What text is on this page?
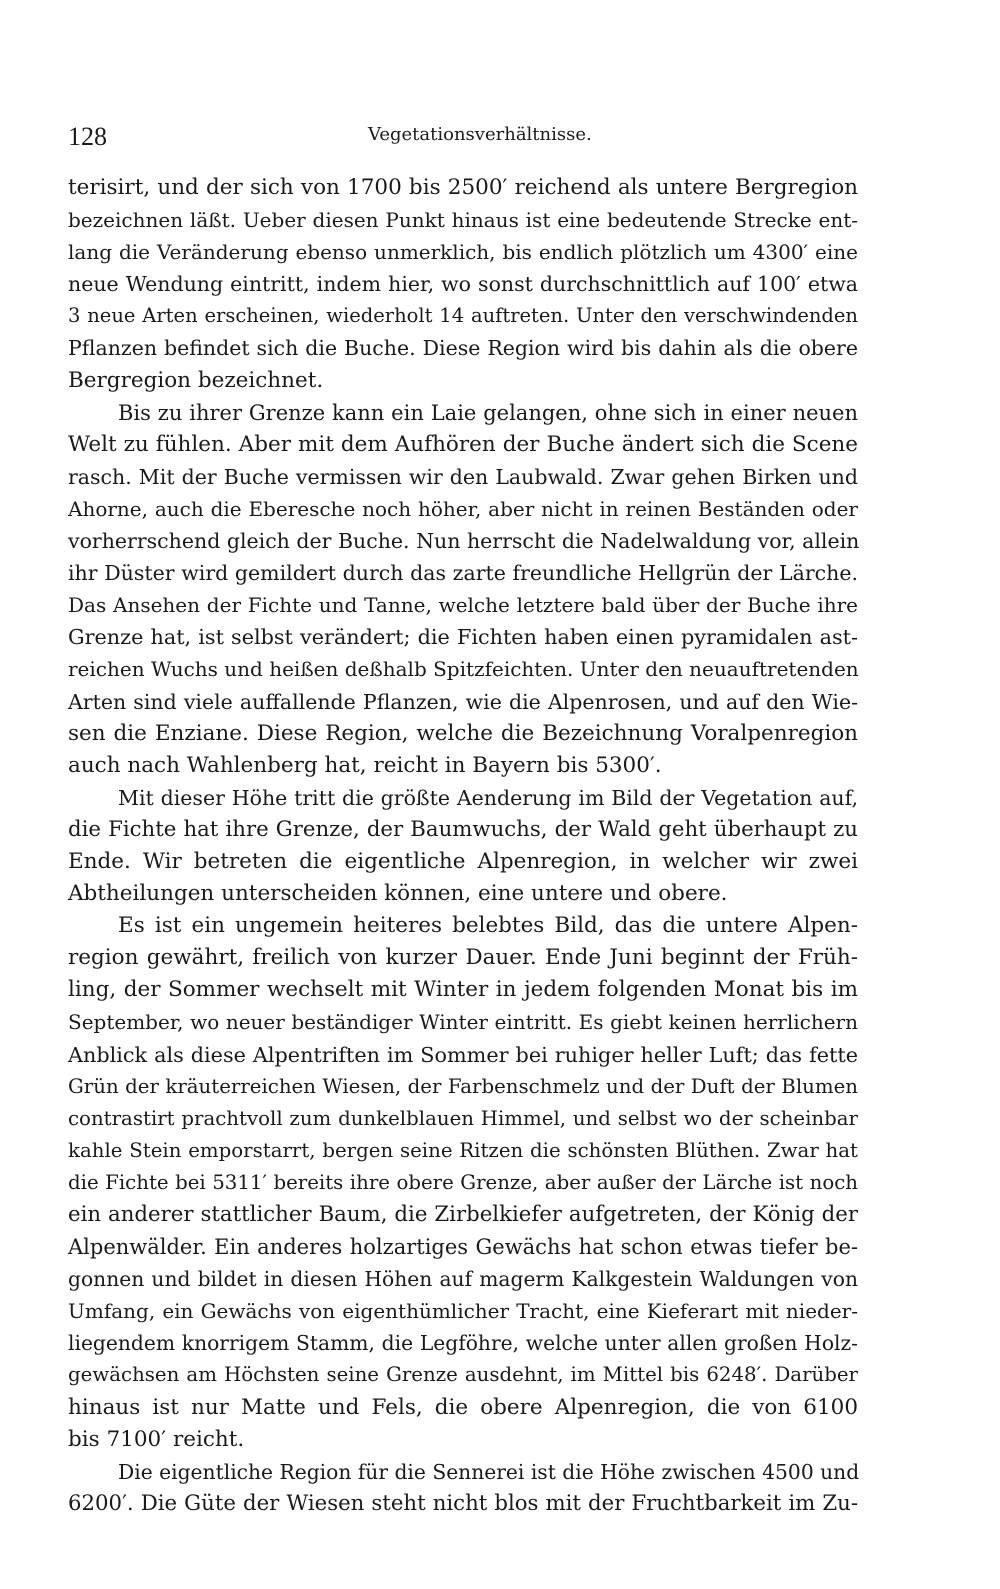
128	Vegetationsverhältnisse.
terisirt, und der sich von 1700 bis 2500′ reichend als untere Bergregion
bezeichnen läßt. Ueber diesen Punkt hinaus ist eine bedeutende Strecke ent-
lang die Veränderung ebenso unmerklich, bis endlich plötzlich um 4300′ eine
neue Wendung eintritt, indem hier, wo sonst durchschnittlich auf 100′ etwa
3 neue Arten erscheinen, wiederholt 14 auftreten. Unter den verschwindenden
Pflanzen befindet sich die Buche. Diese Region wird bis dahin als die obere
Bergregion bezeichnet.
Bis zu ihrer Grenze kann ein Laie gelangen, ohne sich in einer neuen
Welt zu fühlen. Aber mit dem Aufhören der Buche ändert sich die Scene
rasch. Mit der Buche vermissen wir den Laubwald. Zwar gehen Birken und
Ahorne, auch die Eberesche noch höher, aber nicht in reinen Beständen oder
vorherrschend gleich der Buche. Nun herrscht die Nadelwaldung vor, allein
ihr Düster wird gemildert durch das zarte freundliche Hellgrün der Lärche.
Das Ansehen der Fichte und Tanne, welche letztere bald über der Buche ihre
Grenze hat, ist selbst verändert; die Fichten haben einen pyramidalen ast-
reichen Wuchs und heißen deßhalb Spitzfeichten. Unter den neuauftretenden
Arten sind viele auffallende Pflanzen, wie die Alpenrosen, und auf den Wie-
sen die Enziane. Diese Region, welche die Bezeichnung Voralpenregion
auch nach Wahlenberg hat, reicht in Bayern bis 5300′.
Mit dieser Höhe tritt die größte Aenderung im Bild der Vegetation auf,
die Fichte hat ihre Grenze, der Baumwuchs, der Wald geht überhaupt zu
Ende. Wir betreten die eigentliche Alpenregion, in welcher wir zwei
Abtheilungen unterscheiden können, eine untere und obere.
Es ist ein ungemein heiteres belebtes Bild, das die untere Alpen-
region gewährt, freilich von kurzer Dauer. Ende Juni beginnt der Früh-
ling, der Sommer wechselt mit Winter in jedem folgenden Monat bis im
September, wo neuer beständiger Winter eintritt. Es giebt keinen herrlichern
Anblick als diese Alpentriften im Sommer bei ruhiger heller Luft; das fette
Grün der kräuterreichen Wiesen, der Farbenschmelz und der Duft der Blumen
contrastirt prachtvoll zum dunkelblauen Himmel, und selbst wo der scheinbar
kahle Stein emporstarrt, bergen seine Ritzen die schönsten Blüthen. Zwar hat
die Fichte bei 5311′ bereits ihre obere Grenze, aber außer der Lärche ist noch
ein anderer stattlicher Baum, die Zirbelkiefer aufgetreten, der König der
Alpenwälder. Ein anderes holzartiges Gewächs hat schon etwas tiefer be-
gonnen und bildet in diesen Höhen auf magerm Kalkgestein Waldungen von
Umfang, ein Gewächs von eigenthümlicher Tracht, eine Kieferart mit nieder-
liegendem knorrigem Stamm, die Legföhre, welche unter allen großen Holz-
gewächsen am Höchsten seine Grenze ausdehnt, im Mittel bis 6248′. Darüber
hinaus ist nur Matte und Fels, die obere Alpenregion, die von 6100
bis 7100′ reicht.
Die eigentliche Region für die Sennerei ist die Höhe zwischen 4500 und
6200′. Die Güte der Wiesen steht nicht blos mit der Fruchtbarkeit im Zu-
